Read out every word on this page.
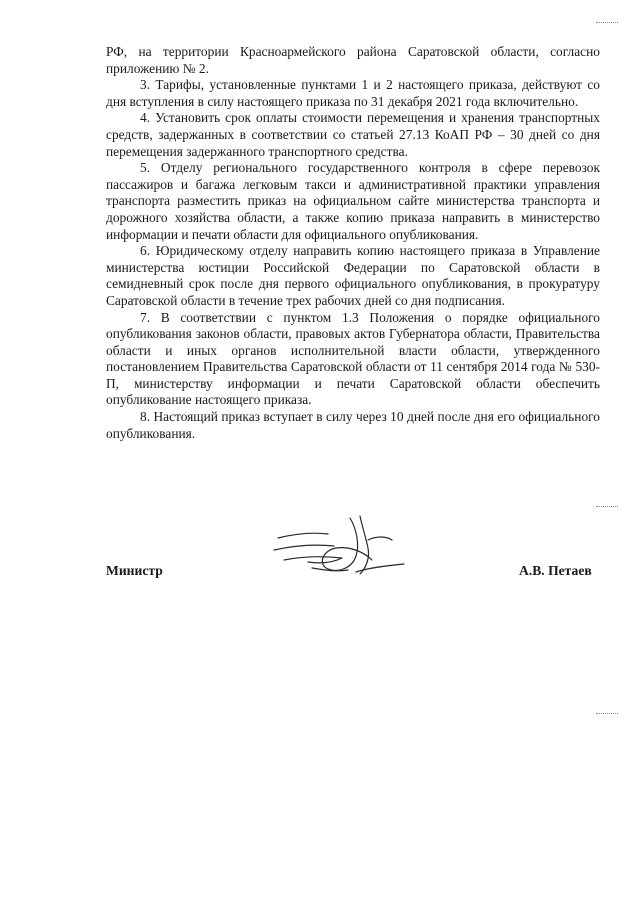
РФ, на территории Красноармейского района Саратовской области, согласно приложению № 2.

3. Тарифы, установленные пунктами 1 и 2 настоящего приказа, действуют со дня вступления в силу настоящего приказа по 31 декабря 2021 года включительно.

4. Установить срок оплаты стоимости перемещения и хранения транспортных средств, задержанных в соответствии со статьей 27.13 КоАП РФ – 30 дней со дня перемещения задержанного транспортного средства.

5. Отделу регионального государственного контроля в сфере перевозок пассажиров и багажа легковым такси и административной практики управления транспорта разместить приказ на официальном сайте министерства транспорта и дорожного хозяйства области, а также копию приказа направить в министерство информации и печати области для официального опубликования.

6. Юридическому отделу направить копию настоящего приказа в Управление министерства юстиции Российской Федерации по Саратовской области в семидневный срок после дня первого официального опубликования, в прокуратуру Саратовской области в течение трех рабочих дней со дня подписания.

7. В соответствии с пунктом 1.3 Положения о порядке официального опубликования законов области, правовых актов Губернатора области, Правительства области и иных органов исполнительной власти области, утвержденного постановлением Правительства Саратовской области от 11 сентября 2014 года № 530-П, министерству информации и печати Саратовской области обеспечить опубликование настоящего приказа.

8. Настоящий приказ вступает в силу через 10 дней после дня его официального опубликования.

Министр	А.В. Петаев
